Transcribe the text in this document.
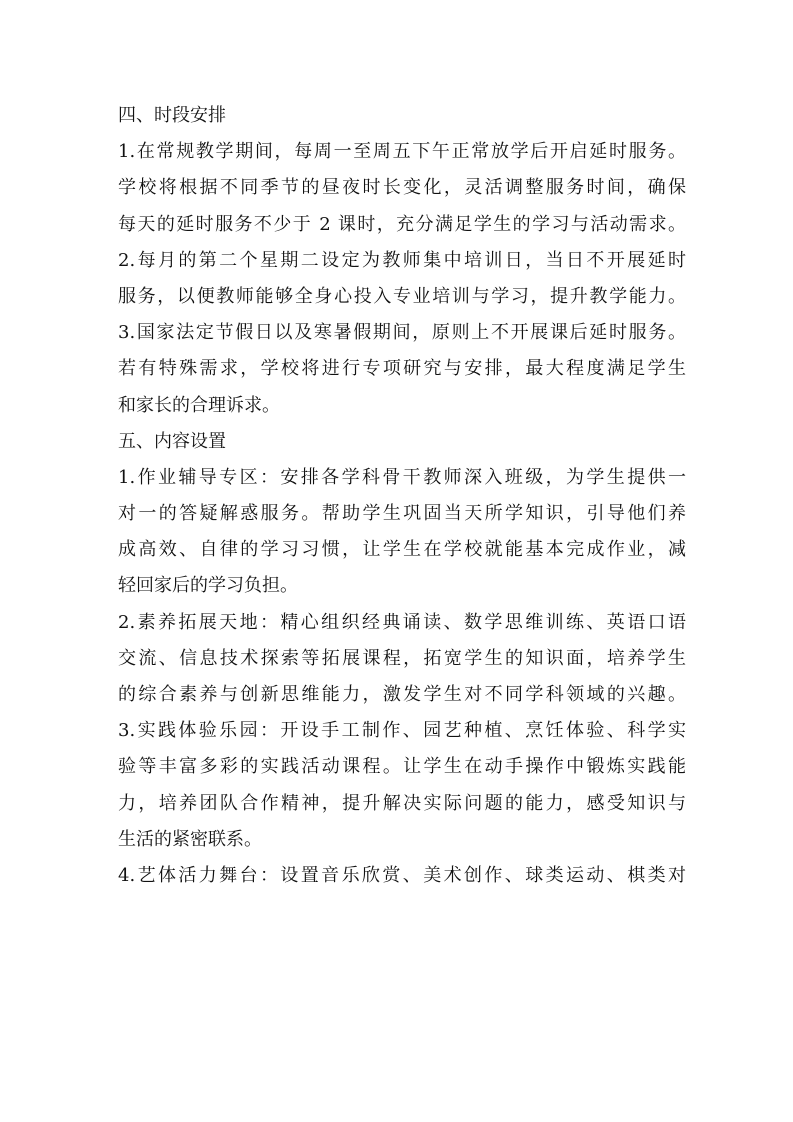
四、时段安排
1.在常规教学期间，每周一至周五下午正常放学后开启延时服务。
学校将根据不同季节的昼夜时长变化，灵活调整服务时间，确保
每天的延时服务不少于 2 课时，充分满足学生的学习与活动需求。
2.每月的第二个星期二设定为教师集中培训日，当日不开展延时
服务，以便教师能够全身心投入专业培训与学习，提升教学能力。
3.国家法定节假日以及寒暑假期间，原则上不开展课后延时服务。
若有特殊需求，学校将进行专项研究与安排，最大程度满足学生
和家长的合理诉求。
五、内容设置
1.作业辅导专区：安排各学科骨干教师深入班级，为学生提供一
对一的答疑解惑服务。帮助学生巩固当天所学知识，引导他们养
成高效、自律的学习习惯，让学生在学校就能基本完成作业，减
轻回家后的学习负担。
2.素养拓展天地：精心组织经典诵读、数学思维训练、英语口语
交流、信息技术探索等拓展课程，拓宽学生的知识面，培养学生
的综合素养与创新思维能力，激发学生对不同学科领域的兴趣。
3.实践体验乐园：开设手工制作、园艺种植、烹饪体验、科学实
验等丰富多彩的实践活动课程。让学生在动手操作中锻炼实践能
力，培养团队合作精神，提升解决实际问题的能力，感受知识与
生活的紧密联系。
4.艺体活力舞台：设置音乐欣赏、美术创作、球类运动、棋类对
